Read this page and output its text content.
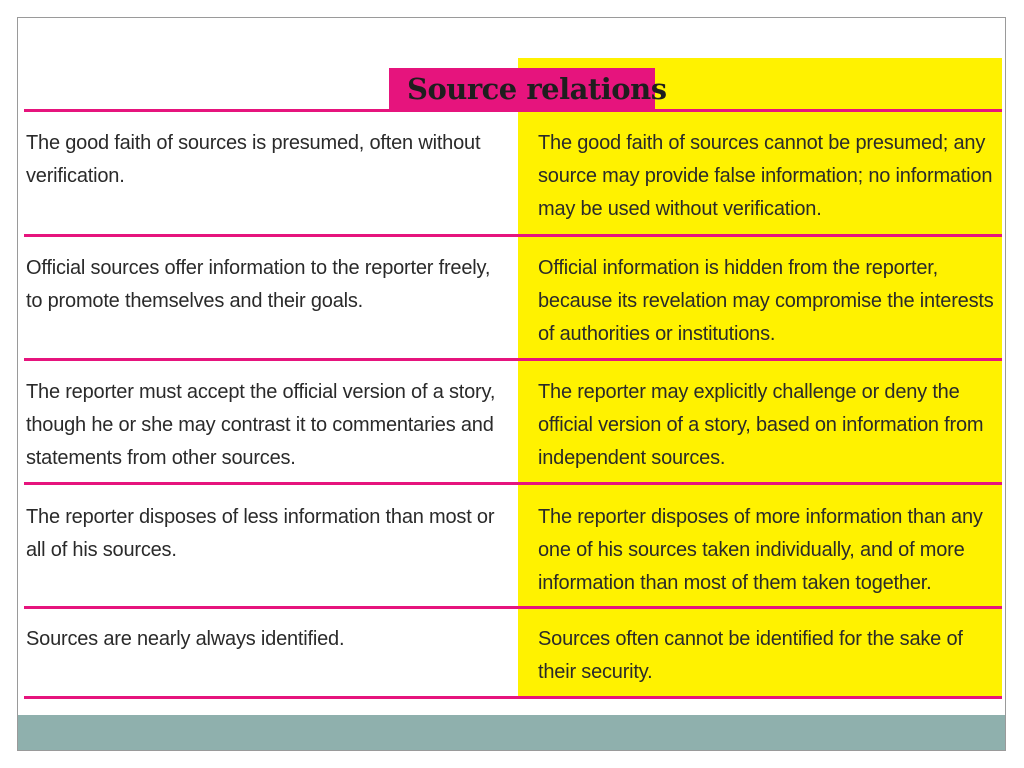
Source relations
The good faith of sources is presumed, often without verification.
The good faith of sources cannot be presumed; any source may provide false information; no information may be used without verification.
Official sources offer information to the reporter freely, to promote themselves and their goals.
Official information is hidden from the reporter, because its revelation may compromise the interests of authorities or institutions.
The reporter must accept the official version of a story, though he or she may contrast it to commentaries and statements from other sources.
The reporter may explicitly challenge or deny the official version of a story, based on information from independent sources.
The reporter disposes of less information than most or all of his sources.
The reporter disposes of more information than any one of his sources taken individually, and of more information than most of them taken together.
Sources are nearly always identified.	Sources often cannot be identified for the sake of their security.
